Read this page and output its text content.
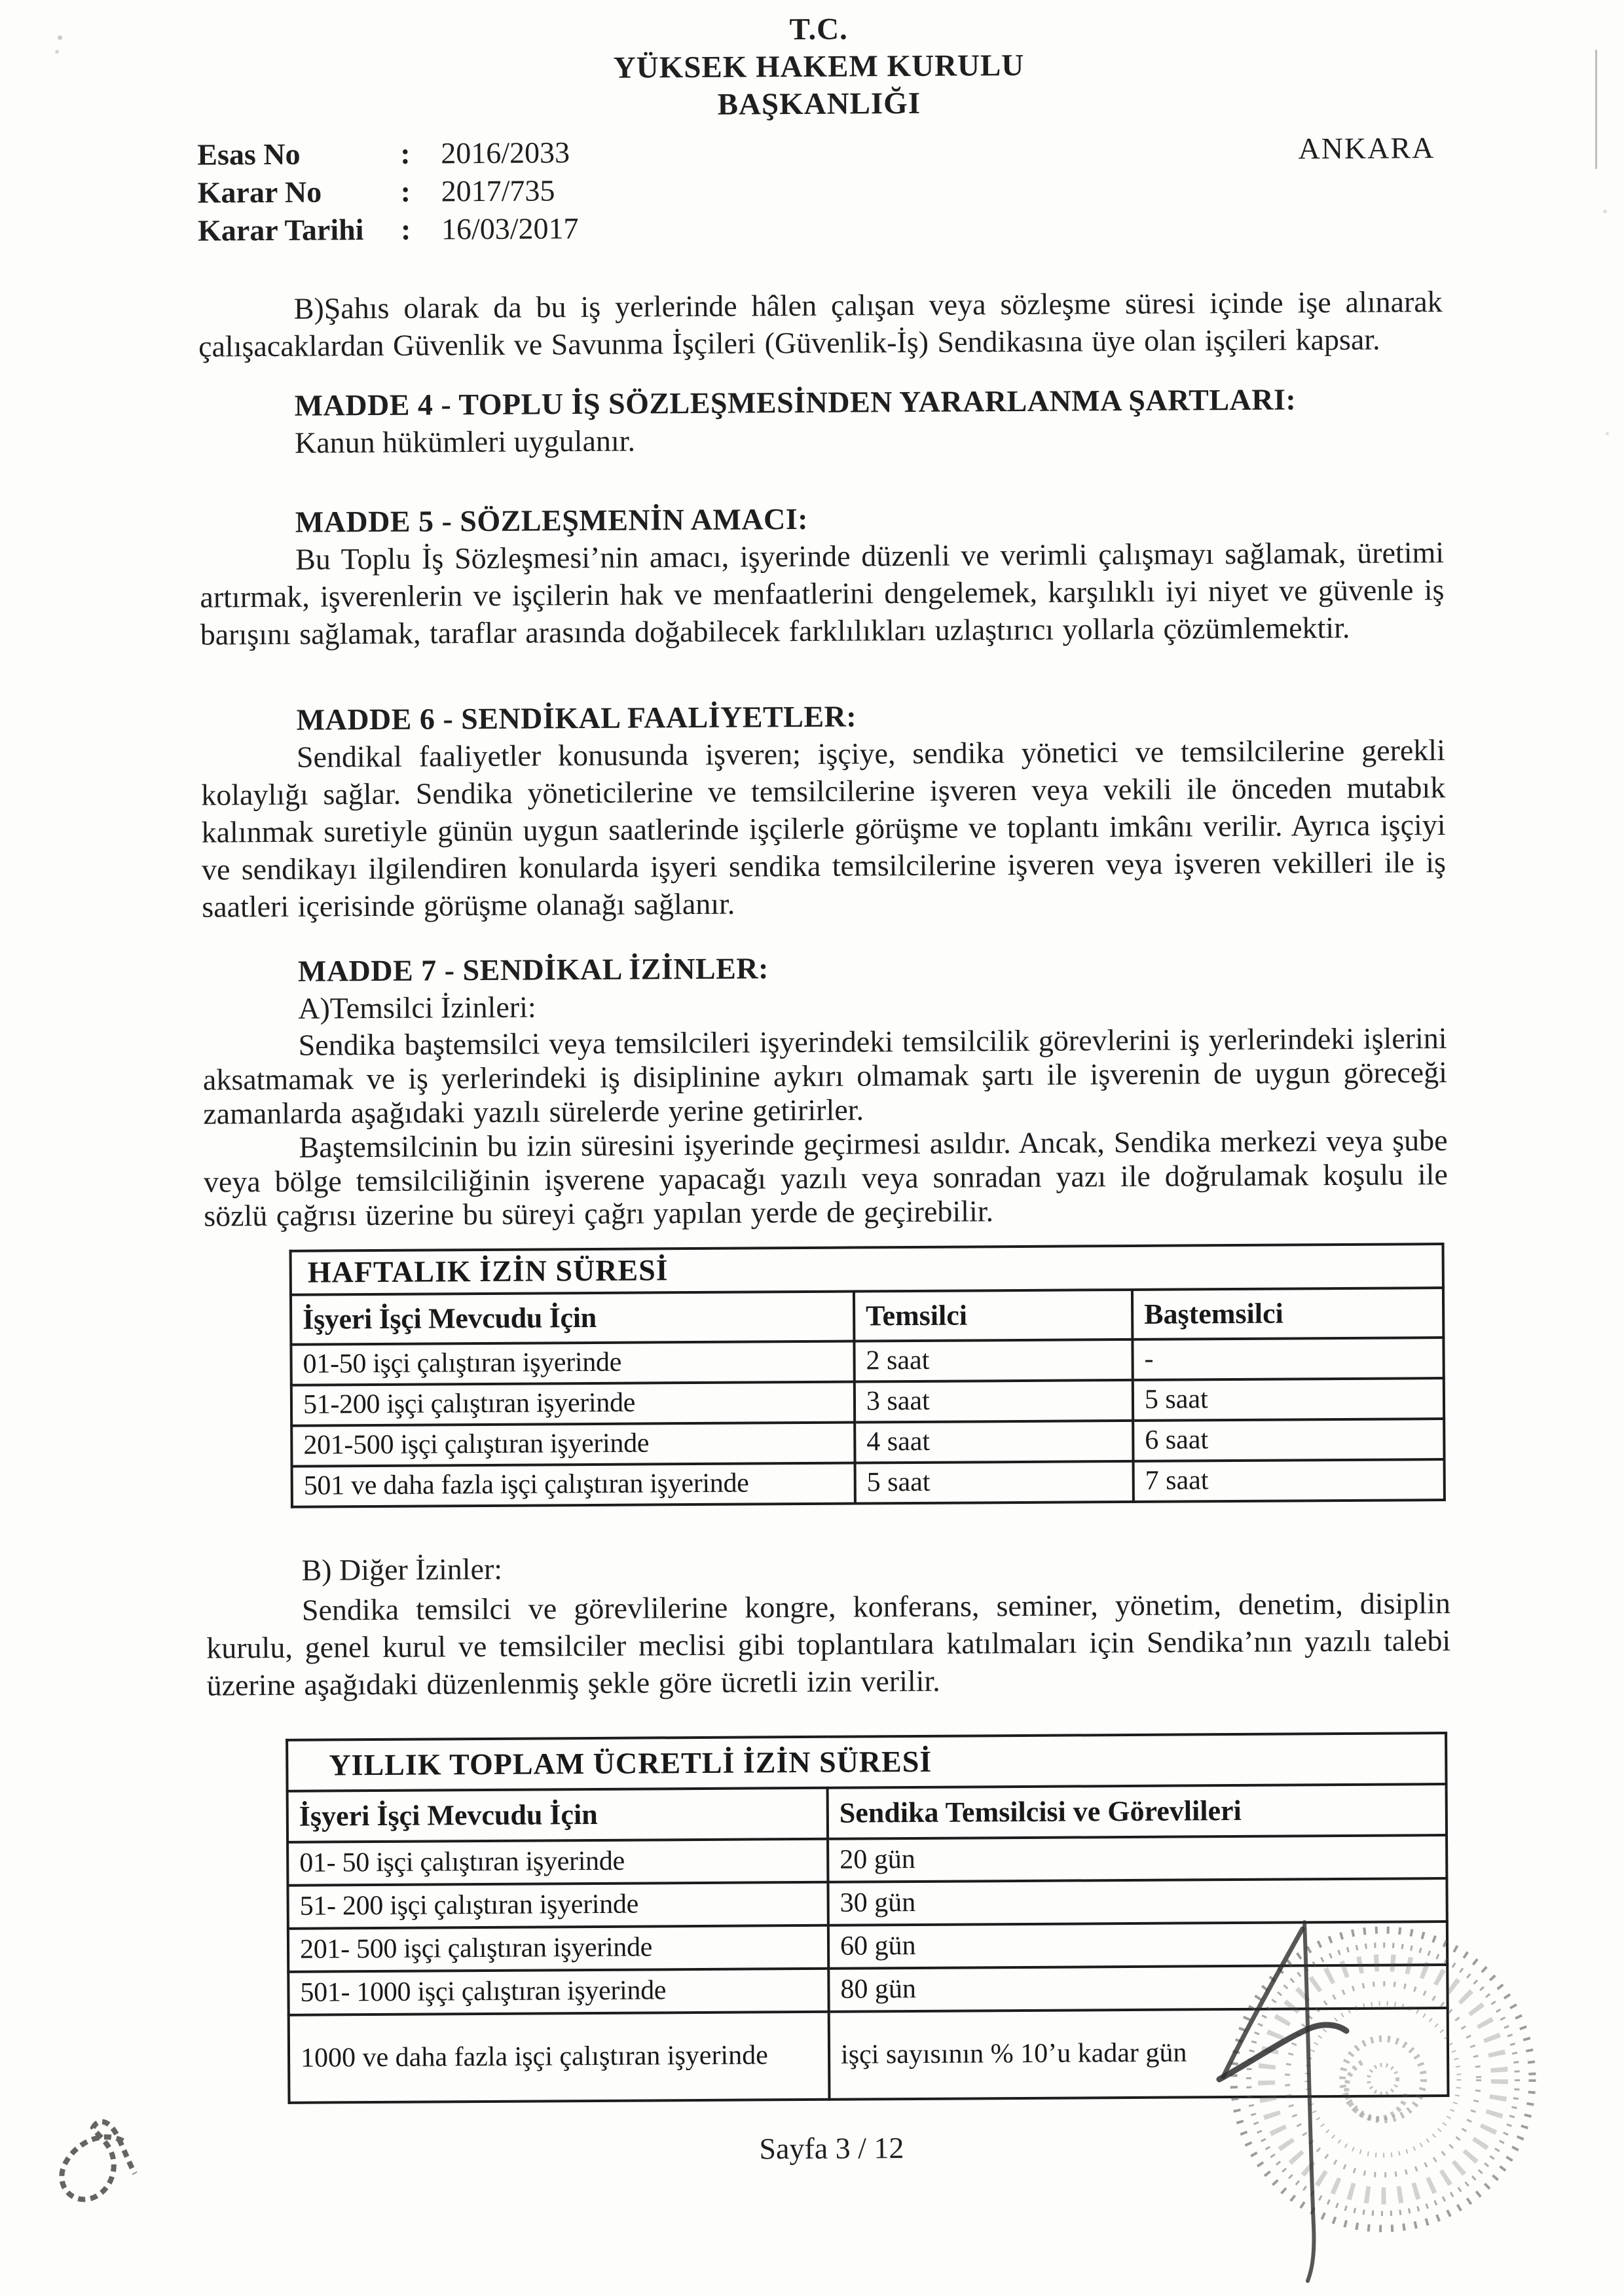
T.C.
YÜKSEK HAKEM KURULU
BAŞKANLIĞI
ANKARA
Esas No	:	2016/2033
Karar No	:	2017/735
Karar Tarihi	:	16/03/2017

B)Şahıs olarak da bu iş yerlerinde hâlen çalışan veya sözleşme süresi içinde işe alınarak çalışacaklardan Güvenlik ve Savunma İşçileri (Güvenlik-İş) Sendikasına üye olan işçileri kapsar.

MADDE 4 - TOPLU İŞ SÖZLEŞMESİNDEN YARARLANMA ŞARTLARI:

Kanun hükümleri uygulanır.

MADDE 5 - SÖZLEŞMENİN AMACI:

Bu Toplu İş Sözleşmesi’nin amacı, işyerinde düzenli ve verimli çalışmayı sağlamak, üretimi artırmak, işverenlerin ve işçilerin hak ve menfaatlerini dengelemek, karşılıklı iyi niyet ve güvenle iş barışını sağlamak, taraflar arasında doğabilecek farklılıkları uzlaştırıcı yollarla çözümlemektir.

MADDE 6 - SENDİKAL FAALİYETLER:

Sendikal faaliyetler konusunda işveren; işçiye, sendika yönetici ve temsilcilerine gerekli kolaylığı sağlar. Sendika yöneticilerine ve temsilcilerine işveren veya vekili ile önceden mutabık kalınmak suretiyle günün uygun saatlerinde işçilerle görüşme ve toplantı imkânı verilir. Ayrıca işçiyi ve sendikayı ilgilendiren konularda işyeri sendika temsilcilerine işveren veya işveren vekilleri ile iş saatleri içerisinde görüşme olanağı sağlanır.

MADDE 7 - SENDİKAL İZİNLER:

A)Temsilci İzinleri:

Sendika baştemsilci veya temsilcileri işyerindeki temsilcilik görevlerini iş yerlerindeki işlerini aksatmamak ve iş yerlerindeki iş disiplinine aykırı olmamak şartı ile işverenin de uygun göreceği zamanlarda aşağıdaki yazılı sürelerde yerine getirirler.

Baştemsilcinin bu izin süresini işyerinde geçirmesi asıldır. Ancak, Sendika merkezi veya şube veya bölge temsilciliğinin işverene yapacağı yazılı veya sonradan yazı ile doğrulamak koşulu ile sözlü çağrısı üzerine bu süreyi çağrı yapılan yerde de geçirebilir.

HAFTALIK İZİN SÜRESİ		
İşyeri İşçi Mevcudu İçin	Temsilci	Baştemsilci
01-50 işçi çalıştıran işyerinde	2 saat	-
51-200 işçi çalıştıran işyerinde	3 saat	5 saat
201-500 işçi çalıştıran işyerinde	4 saat	6 saat
501 ve daha fazla işçi çalıştıran işyerinde	5 saat	7 saat

B) Diğer İzinler:

Sendika temsilci ve görevlilerine kongre, konferans, seminer, yönetim, denetim, disiplin kurulu, genel kurul ve temsilciler meclisi gibi toplantılara katılmaları için Sendika’nın yazılı talebi üzerine aşağıdaki düzenlenmiş şekle göre ücretli izin verilir.

YILLIK TOPLAM ÜCRETLİ İZİN SÜRESİ	
İşyeri İşçi Mevcudu İçin	Sendika Temsilcisi ve Görevlileri
01- 50 işçi çalıştıran işyerinde	20 gün
51- 200 işçi çalıştıran işyerinde	30 gün
201- 500 işçi çalıştıran işyerinde	60 gün
501- 1000 işçi çalıştıran işyerinde	80 gün
1000 ve daha fazla işçi çalıştıran işyerinde	işçi sayısının % 10’u kadar gün
Sayfa 3 / 12
